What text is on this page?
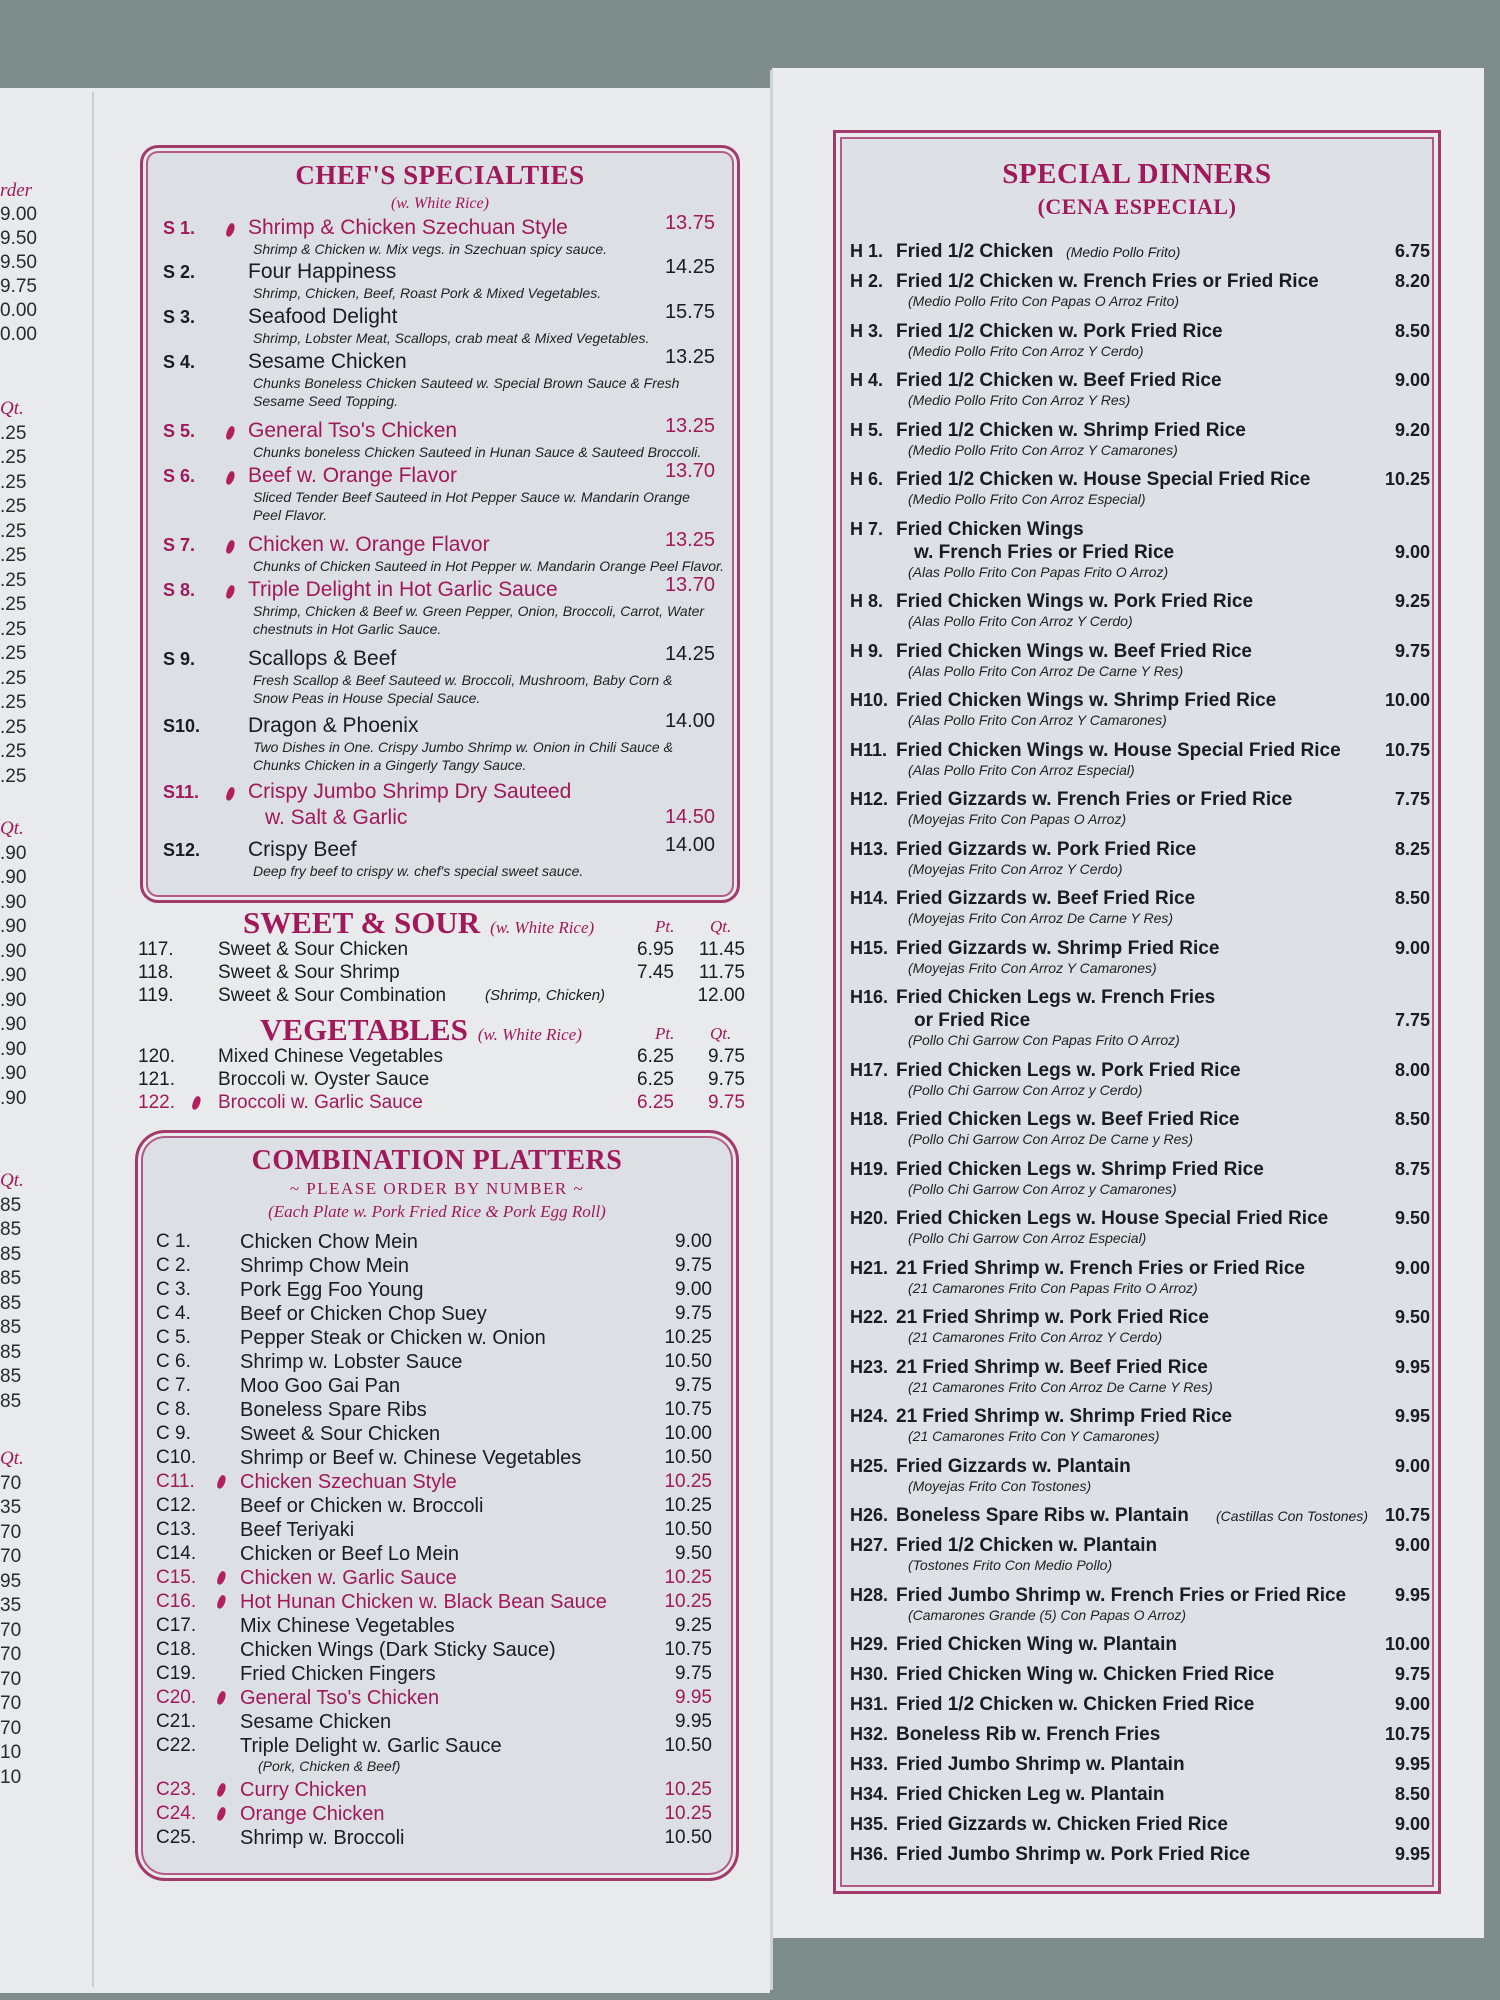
rder
9.00
9.50
9.50
9.75
0.00
0.00
Qt.
.25
.25
.25
.25
.25
.25
.25
.25
.25
.25
.25
.25
.25
.25
.25
Qt.
.90
.90
.90
.90
.90
.90
.90
.90
.90
.90
.90
Qt.
85
85
85
85
85
85
85
85
85
Qt.
70
35
70
70
95
35
70
70
70
70
70
10
10
CHEF'S SPECIALTIES
(w. White Rice)
S 1.	Shrimp & Chicken Szechuan Style	13.75
Shrimp & Chicken w. Mix vegs. in Szechuan spicy sauce.
S 2.	Four Happiness	14.25
Shrimp, Chicken, Beef, Roast Pork & Mixed Vegetables.
S 3.	Seafood Delight	15.75
Shrimp, Lobster Meat, Scallops, crab meat & Mixed Vegetables.
S 4.	Sesame Chicken	13.25
Chunks Boneless Chicken Sauteed w. Special Brown Sauce & Fresh
Sesame Seed Topping.
S 5.	General Tso's Chicken	13.25
Chunks boneless Chicken Sauteed in Hunan Sauce & Sauteed Broccoli.
S 6.	Beef w. Orange Flavor	13.70
Sliced Tender Beef Sauteed in Hot Pepper Sauce w. Mandarin Orange
Peel Flavor.
S 7.	Chicken w. Orange Flavor	13.25
Chunks of Chicken Sauteed in Hot Pepper w. Mandarin Orange Peel Flavor.
S 8.	Triple Delight in Hot Garlic Sauce	13.70
Shrimp, Chicken & Beef w. Green Pepper, Onion, Broccoli, Carrot, Water
chestnuts in Hot Garlic Sauce.
S 9.	Scallops & Beef	14.25
Fresh Scallop & Beef Sauteed w. Broccoli, Mushroom, Baby Corn &
Snow Peas in House Special Sauce.
S10. Dragon & Phoenix	14.00
Two Dishes in One. Crispy Jumbo Shrimp w. Onion in Chili Sauce &
Chunks Chicken in a Gingerly Tangy Sauce.
S11. Crispy Jumbo Shrimp Dry Sauteed
w. Salt & Garlic	14.50
S12. Crispy Beef	14.00
Deep fry beef to crispy w. chef's special sweet sauce.
SWEET & SOUR (w. White Rice)	Pt. Qt.
117. Sweet & Sour Chicken	6.95 11.45
118. Sweet & Sour Shrimp	7.45 11.75
119. Sweet & Sour Combination	(Shrimp, Chicken)	12.00
VEGETABLES (w. White Rice)	Pt. Qt.
120. Mixed Chinese Vegetables	6.25 9.75
121. Broccoli w. Oyster Sauce	6.25 9.75
122. Broccoli w. Garlic Sauce	6.25 9.75
COMBINATION PLATTERS
~ PLEASE ORDER BY NUMBER ~
(Each Plate w. Pork Fried Rice & Pork Egg Roll)
C 1. Chicken Chow Mein	9.00
C 2. Shrimp Chow Mein	9.75
C 3. Pork Egg Foo Young	9.00
C 4. Beef or Chicken Chop Suey	9.75
C 5. Pepper Steak or Chicken w. Onion	10.25
C 6. Shrimp w. Lobster Sauce	10.50
C 7. Moo Goo Gai Pan	9.75
C 8. Boneless Spare Ribs	10.75
C 9. Sweet & Sour Chicken	10.00
C10. Shrimp or Beef w. Chinese Vegetables	10.50
C11. Chicken Szechuan Style	10.25
C12. Beef or Chicken w. Broccoli	10.25
C13. Beef Teriyaki	10.50
C14. Chicken or Beef Lo Mein	9.50
C15. Chicken w. Garlic Sauce	10.25
C16. Hot Hunan Chicken w. Black Bean Sauce	10.25
C17. Mix Chinese Vegetables	9.25
C18. Chicken Wings (Dark Sticky Sauce)	10.75
C19. Fried Chicken Fingers	9.75
C20. General Tso's Chicken	9.95
C21. Sesame Chicken	9.95
C22. Triple Delight w. Garlic Sauce	10.50
(Pork, Chicken & Beef)
C23. Curry Chicken	10.25
C24. Orange Chicken	10.25
C25. Shrimp w. Broccoli	10.50
SPECIAL DINNERS
(CENA ESPECIAL)
H 1. Fried 1/2 Chicken (Medio Pollo Frito)	6.75
H 2. Fried 1/2 Chicken w. French Fries or Fried Rice	8.20
(Medio Pollo Frito Con Papas O Arroz Frito)
H 3. Fried 1/2 Chicken w. Pork Fried Rice	8.50
(Medio Pollo Frito Con Arroz Y Cerdo)
H 4. Fried 1/2 Chicken w. Beef Fried Rice	9.00
(Medio Pollo Frito Con Arroz Y Res)
H 5. Fried 1/2 Chicken w. Shrimp Fried Rice	9.20
(Medio Pollo Frito Con Arroz Y Camarones)
H 6. Fried 1/2 Chicken w. House Special Fried Rice	10.25
(Medio Pollo Frito Con Arroz Especial)
H 7. Fried Chicken Wings
w. French Fries or Fried Rice	9.00
(Alas Pollo Frito Con Papas Frito O Arroz)
H 8. Fried Chicken Wings w. Pork Fried Rice	9.25
(Alas Pollo Frito Con Arroz Y Cerdo)
H 9. Fried Chicken Wings w. Beef Fried Rice	9.75
(Alas Pollo Frito Con Arroz De Carne Y Res)
H10. Fried Chicken Wings w. Shrimp Fried Rice	10.00
(Alas Pollo Frito Con Arroz Y Camarones)
H11. Fried Chicken Wings w. House Special Fried Rice 10.75
(Alas Pollo Frito Con Arroz Especial)
H12. Fried Gizzards w. French Fries or Fried Rice	7.75
(Moyejas Frito Con Papas O Arroz)
H13. Fried Gizzards w. Pork Fried Rice	8.25
(Moyejas Frito Con Arroz Y Cerdo)
H14. Fried Gizzards w. Beef Fried Rice	8.50
(Moyejas Frito Con Arroz De Carne Y Res)
H15. Fried Gizzards w. Shrimp Fried Rice	9.00
(Moyejas Frito Con Arroz Y Camarones)
H16. Fried Chicken Legs w. French Fries
or Fried Rice	7.75
(Pollo Chi Garrow Con Papas Frito O Arroz)
H17. Fried Chicken Legs w. Pork Fried Rice	8.00
(Pollo Chi Garrow Con Arroz y Cerdo)
H18. Fried Chicken Legs w. Beef Fried Rice	8.50
(Pollo Chi Garrow Con Arroz De Carne y Res)
H19. Fried Chicken Legs w. Shrimp Fried Rice	8.75
(Pollo Chi Garrow Con Arroz y Camarones)
H20. Fried Chicken Legs w. House Special Fried Rice	9.50
(Pollo Chi Garrow Con Arroz Especial)
H21. 21 Fried Shrimp w. French Fries or Fried Rice	9.00
(21 Camarones Frito Con Papas Frito O Arroz)
H22. 21 Fried Shrimp w. Pork Fried Rice	9.50
(21 Camarones Frito Con Arroz Y Cerdo)
H23. 21 Fried Shrimp w. Beef Fried Rice	9.95
(21 Camarones Frito Con Arroz De Carne Y Res)
H24. 21 Fried Shrimp w. Shrimp Fried Rice	9.95
(21 Camarones Frito Con Y Camarones)
H25. Fried Gizzards w. Plantain	9.00
(Moyejas Frito Con Tostones)
H26. Boneless Spare Ribs w. Plantain (Castillas Con Tostones) 10.75
H27. Fried 1/2 Chicken w. Plantain	9.00
(Tostones Frito Con Medio Pollo)
H28. Fried Jumbo Shrimp w. French Fries or Fried Rice	9.95
(Camarones Grande (5) Con Papas O Arroz)
H29. Fried Chicken Wing w. Plantain	10.00
H30. Fried Chicken Wing w. Chicken Fried Rice	9.75
H31. Fried 1/2 Chicken w. Chicken Fried Rice	9.00
H32. Boneless Rib w. French Fries	10.75
H33. Fried Jumbo Shrimp w. Plantain	9.95
H34. Fried Chicken Leg w. Plantain	8.50
H35. Fried Gizzards w. Chicken Fried Rice	9.00
H36. Fried Jumbo Shrimp w. Pork Fried Rice	9.95
